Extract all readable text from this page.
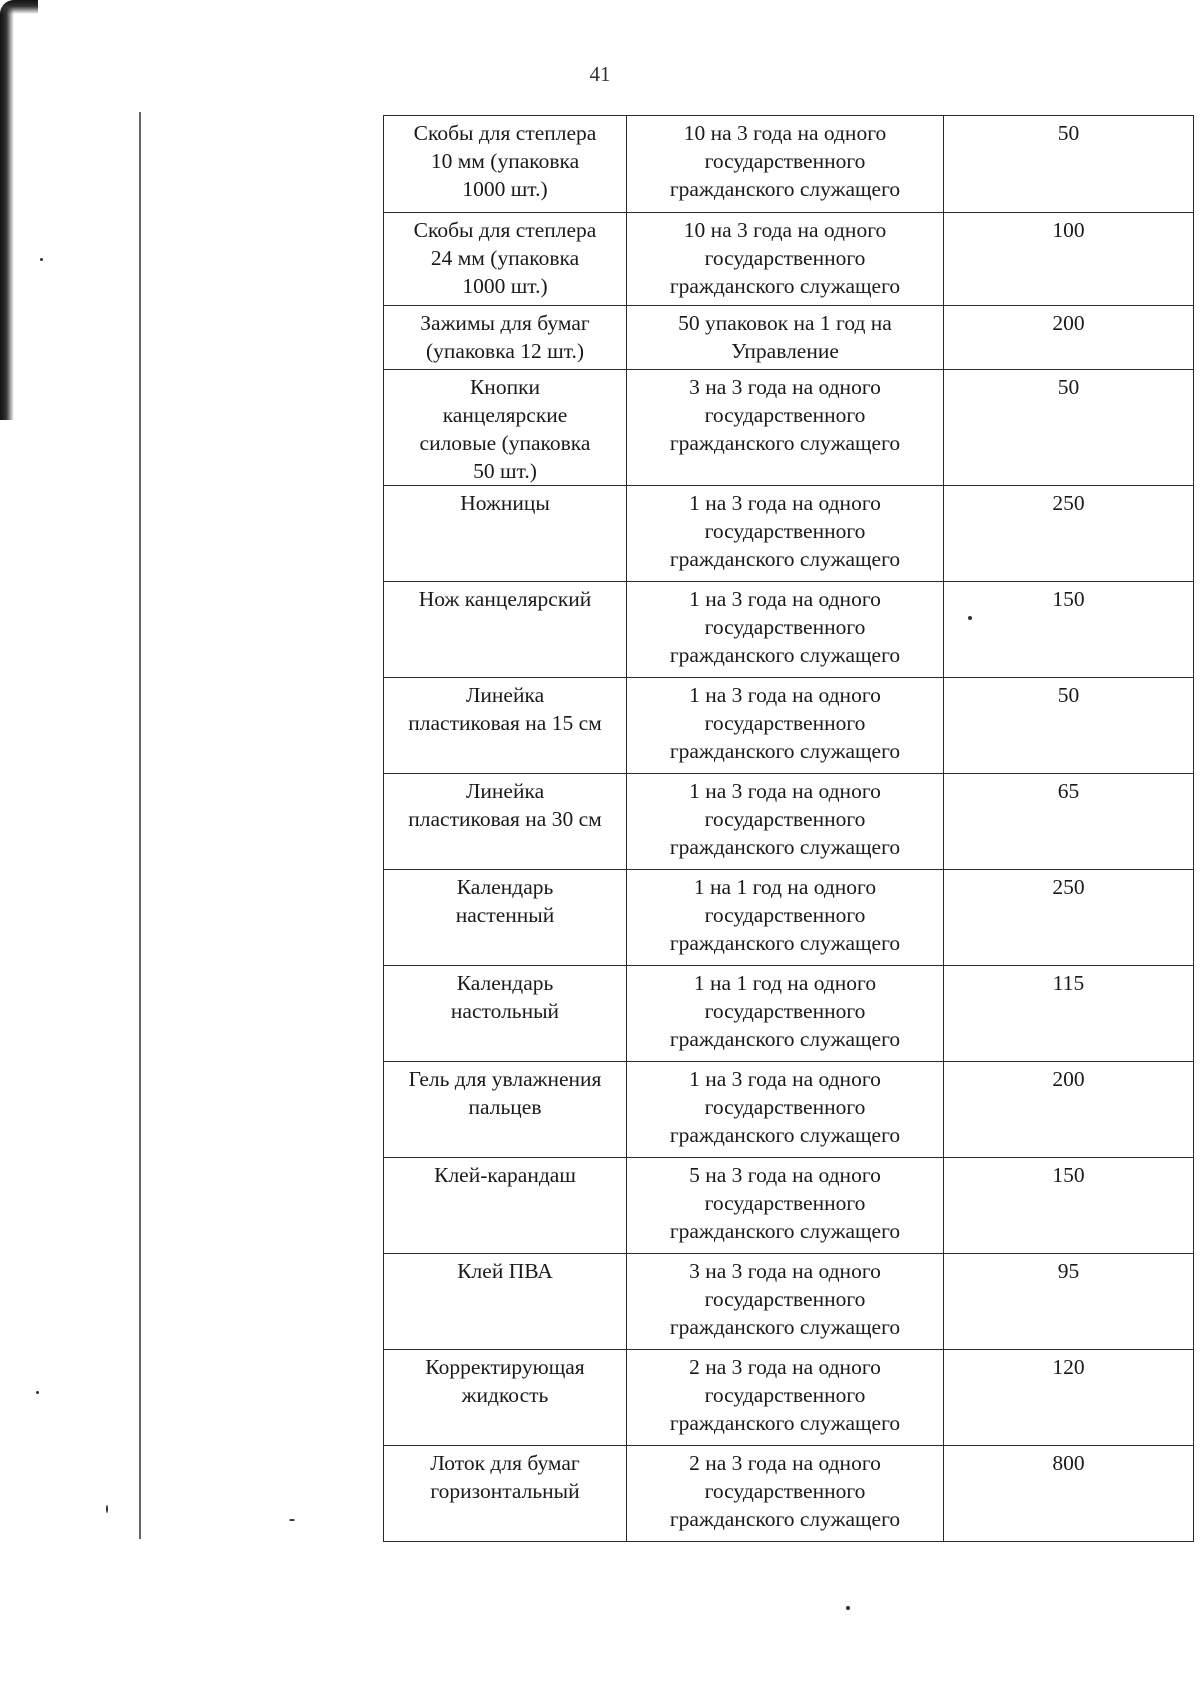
41
Скобы для степлера
10 мм (упаковка
1000 шт.)	10 на 3 года на одного
государственного
гражданского служащего	50

Скобы для степлера
24 мм (упаковка
1000 шт.)	10 на 3 года на одного
государственного
гражданского служащего	100

Зажимы для бумаг
(упаковка 12 шт.)	50 упаковок на 1 год на
Управление	200

Кнопки
канцелярские
силовые (упаковка
50 шт.)	3 на 3 года на одного
государственного
гражданского служащего	50

Ножницы	1 на 3 года на одного
государственного
гражданского служащего	250

Нож канцелярский	1 на 3 года на одного
государственного
гражданского служащего	150

Линейка
пластиковая на 15 см	1 на 3 года на одного
государственного
гражданского служащего	50

Линейка
пластиковая на 30 см	1 на 3 года на одного
государственного
гражданского служащего	65

Календарь
настенный	1 на 1 год на одного
государственного
гражданского служащего	250

Календарь
настольный	1 на 1 год на одного
государственного
гражданского служащего	115

Гель для увлажнения
пальцев	1 на 3 года на одного
государственного
гражданского служащего	200

Клей-карандаш	5 на 3 года на одного
государственного
гражданского служащего	150

Клей ПВА	3 на 3 года на одного
государственного
гражданского служащего	95

Корректирующая
жидкость	2 на 3 года на одного
государственного
гражданского служащего	120

Лоток для бумаг
горизонтальный	2 на 3 года на одного
государственного
гражданского служащего	800
